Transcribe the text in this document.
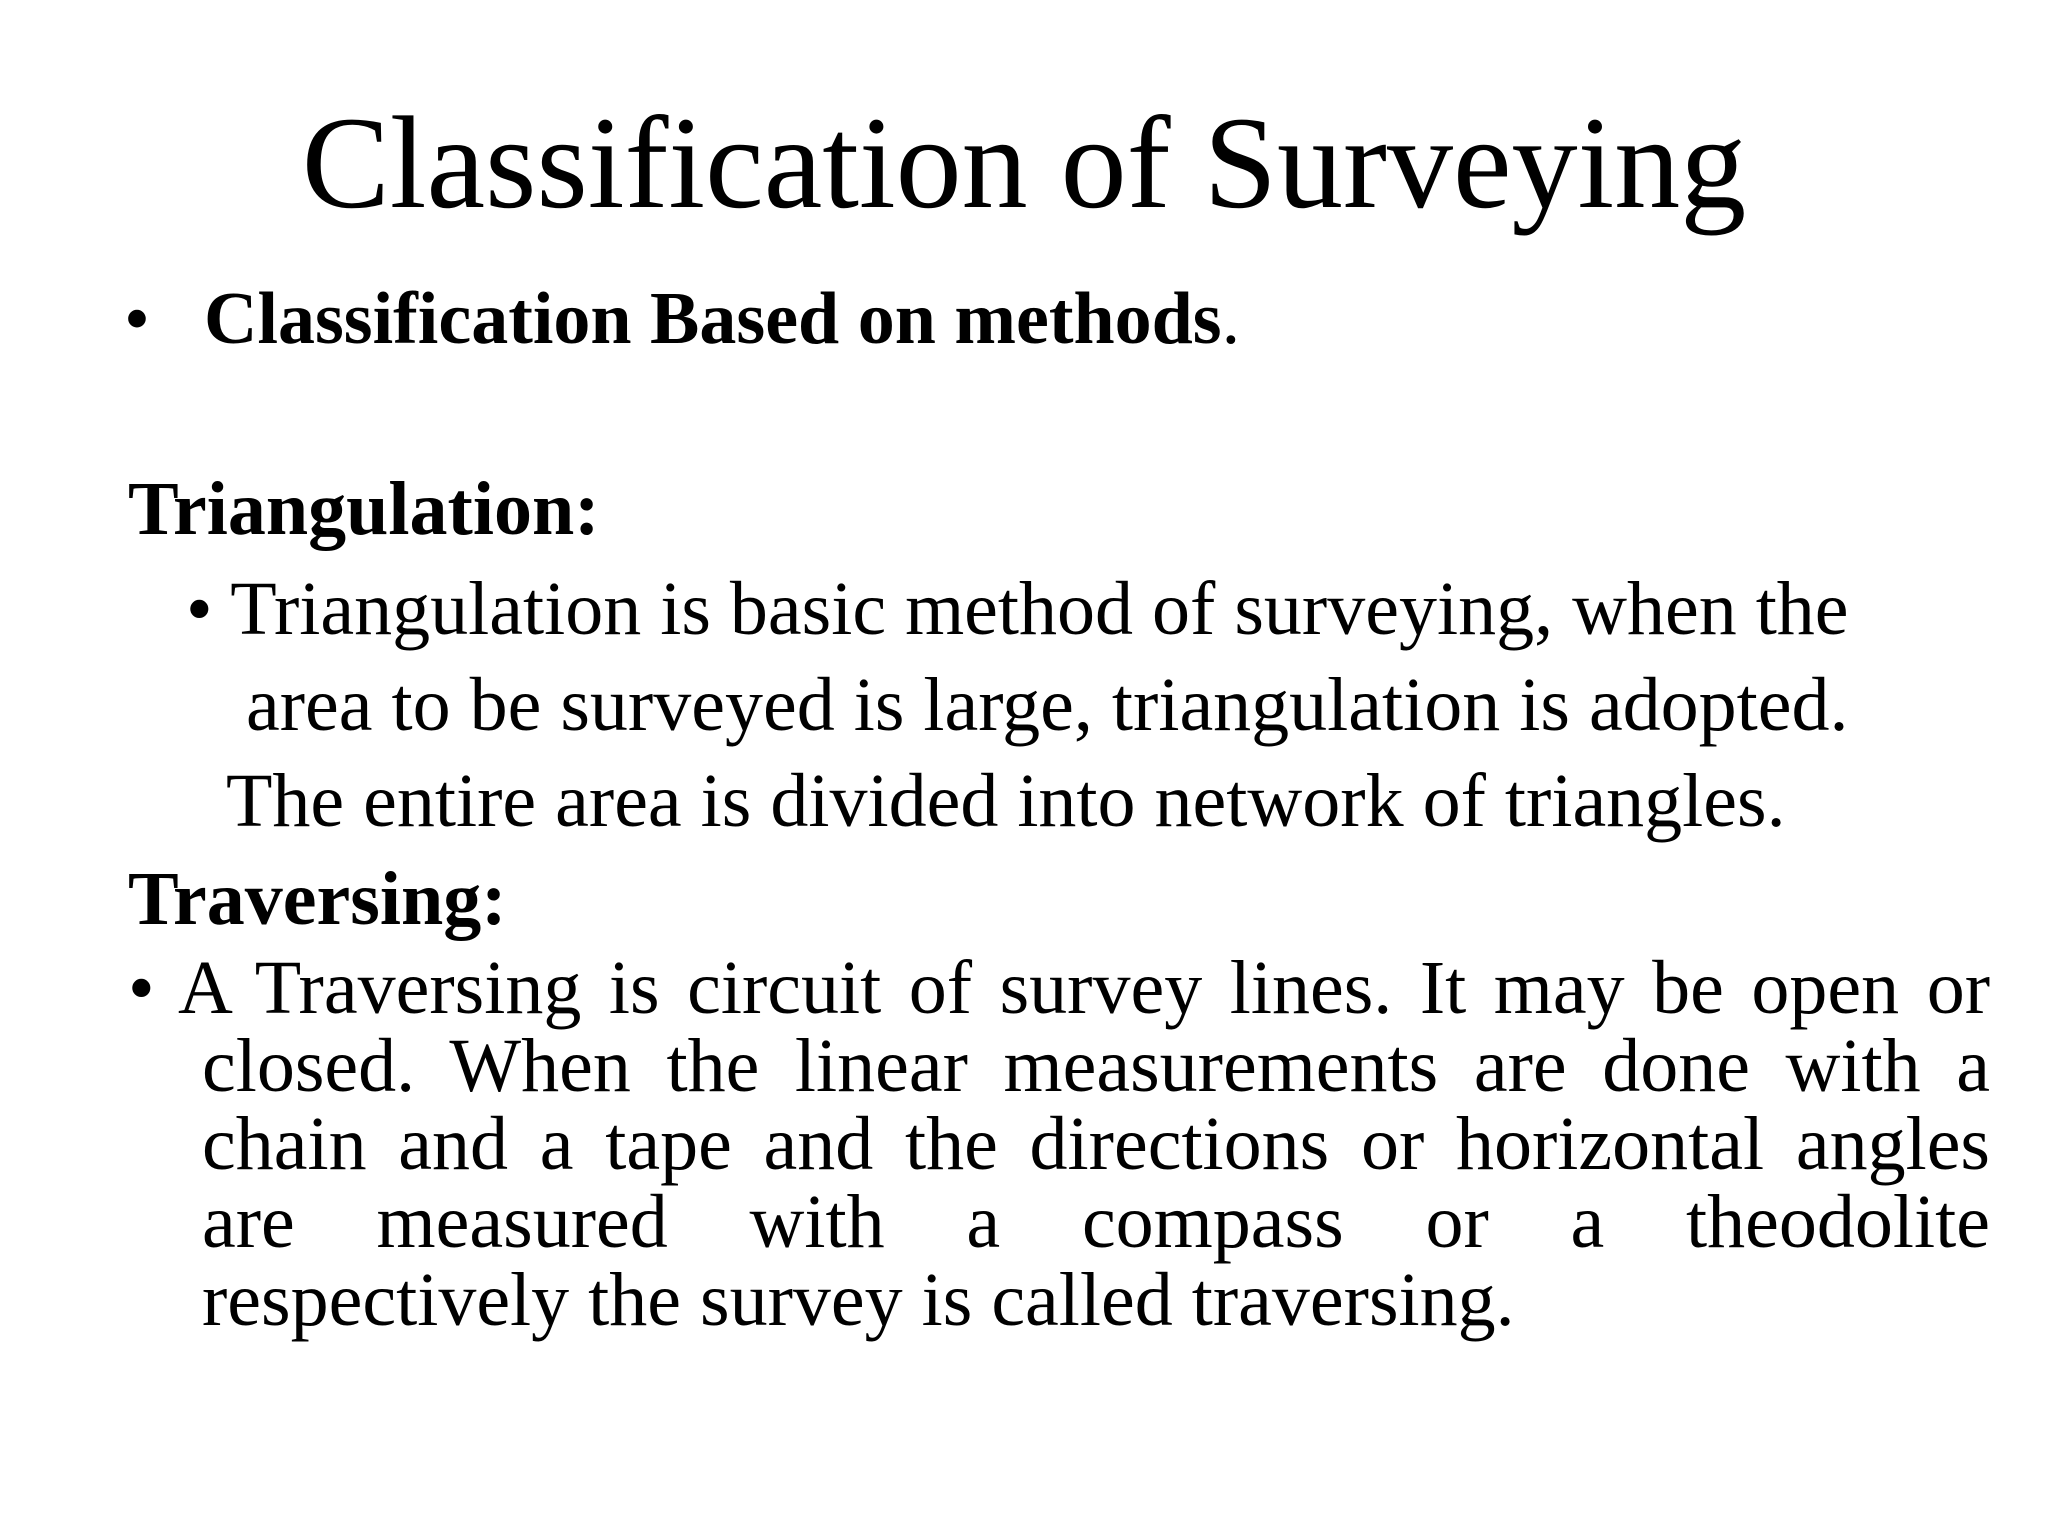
Classification of Surveying
• Classification Based on methods.
Triangulation:
• Triangulation is basic method of surveying, when the
area to be surveyed is large, triangulation is adopted.
The entire area is divided into network of triangles.
Traversing:
• A Traversing is circuit of survey lines. It may be open or
closed. When the linear measurements are done with a
chain and a tape and the directions or horizontal angles
are measured with a compass or a theodolite
respectively the survey is called traversing.
